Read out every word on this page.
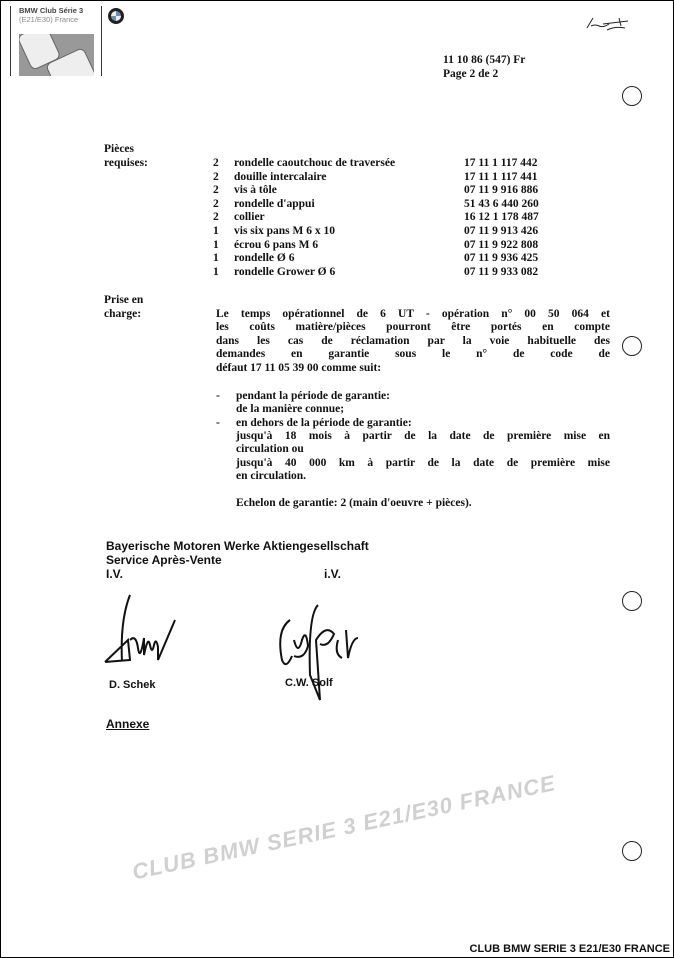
BMW Club Série 3
(E21/E30) France
11 10 86 (547) Fr
Page 2 de 2
Pièces
requises:	2 rondelle caoutchouc de traversée	17 11 1 117 442
2 douille intercalaire	17 11 1 117 441
2 vis à tôle	07 11 9 916 886
2 rondelle d'appui	51 43 6 440 260
2 collier	16 12 1 178 487
1 vis six pans M 6 x 10	07 11 9 913 426
1 écrou 6 pans M 6	07 11 9 922 808
1 rondelle Ø 6	07 11 9 936 425
1 rondelle Grower Ø 6	07 11 9 933 082
Prise en
charge:	Le temps opérationnel de 6 UT - opération n° 00 50 064 et
les coûts matière/pièces pourront être portés en compte
dans les cas de réclamation par la voie habituelle des
demandes en garantie sous le n° de code de
défaut 17 11 05 39 00 comme suit:
- pendant la période de garantie:
de la manière connue;
- en dehors de la période de garantie:
jusqu'à 18 mois à partir de la date de première mise en
circulation ou
jusqu'à 40 000 km à partir de la date de première mise
en circulation.
Echelon de garantie: 2 (main d'oeuvre + pièces).
CLUB BMW SERIE 3 E21/E30 FRANCE
Bayerische Motoren Werke Aktiengesellschaft
Service Après-Vente
I.V.	i.V.
D. Schek	C.W. Solf
Annexe
CLUB BMW SERIE 3 E21/E30 FRANCE
